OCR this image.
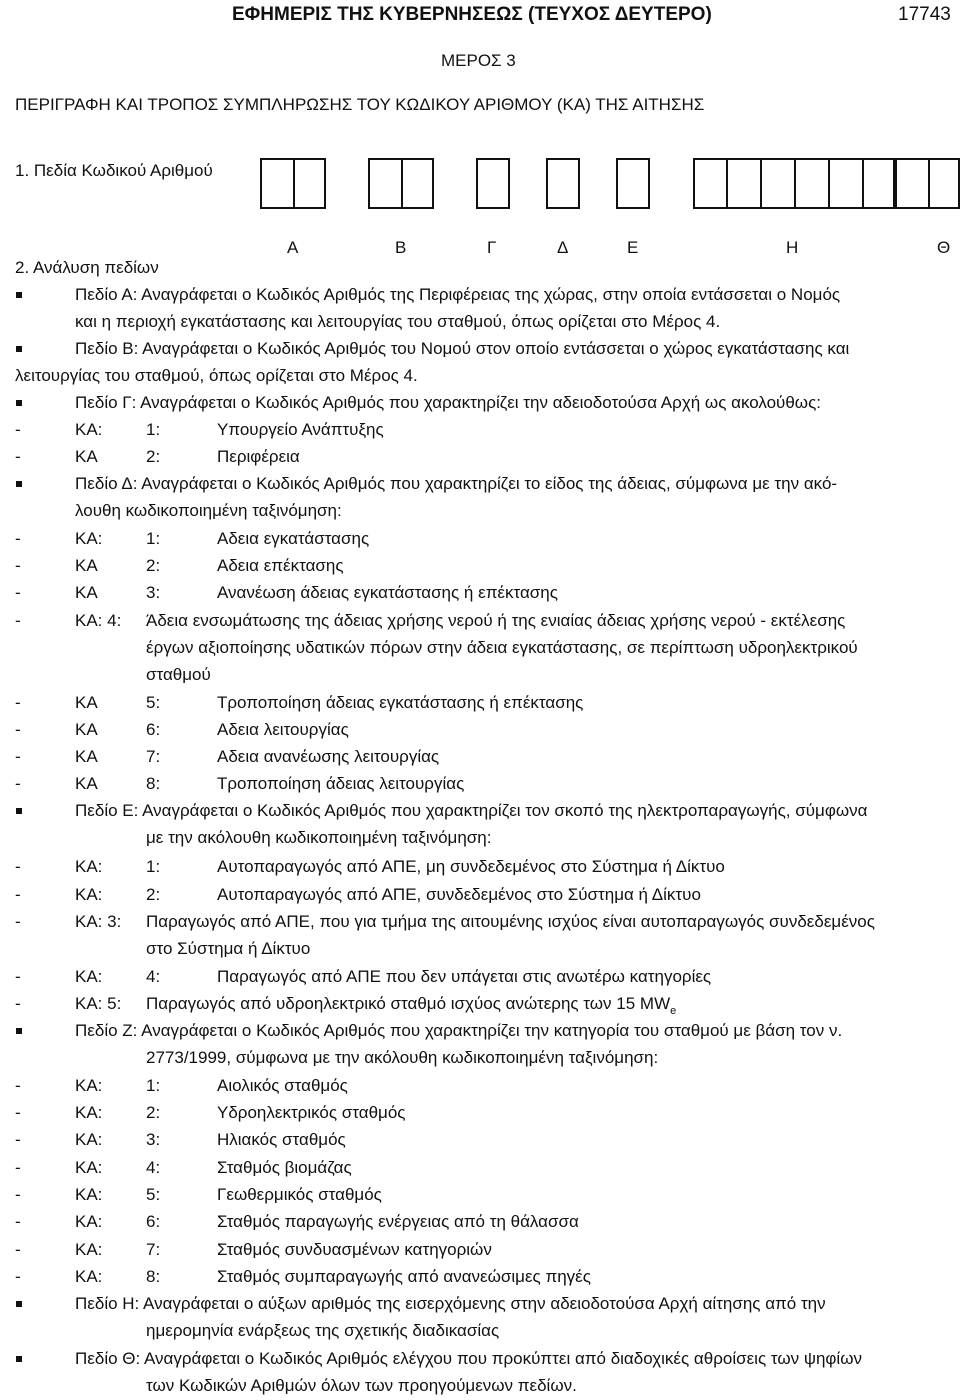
ΕΦΗΜΕΡΙΣ ΤΗΣ ΚΥΒΕΡΝΗΣΕΩΣ (ΤΕΥΧΟΣ ΔΕΥΤΕΡΟ)	17743
ΜΕΡΟΣ 3
ΠΕΡΙΓΡΑΦΗ ΚΑΙ ΤΡΟΠΟΣ ΣΥΜΠΛΗΡΩΣΗΣ ΤΟΥ ΚΩΔΙΚΟΥ ΑΡΙΘΜΟΥ (ΚΑ) ΤΗΣ ΑΙΤΗΣΗΣ
1. Πεδία Κωδικού Αριθμού
Α	Β	Γ	Δ	Ε	Η	Θ
2. Ανάλυση πεδίων
Πεδίο Α: Αναγράφεται ο Κωδικός Αριθμός της Περιφέρειας της χώρας, στην οποία εντάσσεται ο Νομός
και η περιοχή εγκατάστασης και λειτουργίας του σταθμού, όπως ορίζεται στο Μέρος 4.
Πεδίο Β: Αναγράφεται ο Κωδικός Αριθμός του Νομού στον οποίο εντάσσεται ο χώρος εγκατάστασης και
λειτουργίας του σταθμού, όπως ορίζεται στο Μέρος 4.
Πεδίο Γ: Αναγράφεται ο Κωδικός Αριθμός που χαρακτηρίζει την αδειοδοτούσα Αρχή ως ακολούθως:
-	ΚΑ:	1:	Υπουργείο Ανάπτυξης
-	ΚΑ	2:	Περιφέρεια
Πεδίο Δ: Αναγράφεται ο Κωδικός Αριθμός που χαρακτηρίζει το είδος της άδειας, σύμφωνα με την ακό-
λουθη κωδικοποιημένη ταξινόμηση:
-	ΚΑ:	1:	Αδεια εγκατάστασης
-	ΚΑ	2:	Αδεια επέκτασης
-	ΚΑ	3:	Ανανέωση άδειας εγκατάστασης ή επέκτασης
-	ΚΑ: 4: Άδεια ενσωμάτωσης της άδειας χρήσης νερού ή της ενιαίας άδειας χρήσης νερού - εκτέλεσης
έργων αξιοποίησης υδατικών πόρων στην άδεια εγκατάστασης, σε περίπτωση υδροηλεκτρικού
σταθμού
-	ΚΑ	5:	Τροποποίηση άδειας εγκατάστασης ή επέκτασης
-	ΚΑ	6:	Αδεια λειτουργίας
-	ΚΑ	7:	Αδεια ανανέωσης λειτουργίας
-	ΚΑ	8:	Τροποποίηση άδειας λειτουργίας
Πεδίο Ε: Αναγράφεται ο Κωδικός Αριθμός που χαρακτηρίζει τον σκοπό της ηλεκτροπαραγωγής, σύμφωνα
με την ακόλουθη κωδικοποιημένη ταξινόμηση:
-	ΚΑ:	1:	Αυτοπαραγωγός από ΑΠΕ, μη συνδεδεμένος στο Σύστημα ή Δίκτυο
-	ΚΑ:	2:	Αυτοπαραγωγός από ΑΠΕ, συνδεδεμένος στο Σύστημα ή Δίκτυο
-	ΚΑ: 3: Παραγωγός από ΑΠΕ, που για τμήμα της αιτουμένης ισχύος είναι αυτοπαραγωγός συνδεδεμένος
στο Σύστημα ή Δίκτυο
-	ΚΑ:	4:	Παραγωγός από ΑΠΕ που δεν υπάγεται στις ανωτέρω κατηγορίες
-	ΚΑ: 5: Παραγωγός από υδροηλεκτρικό σταθμό ισχύος ανώτερης των 15 $MW_e$
Πεδίο Ζ: Αναγράφεται ο Κωδικός Αριθμός που χαρακτηρίζει την κατηγορία του σταθμού με βάση τον ν.
2773/1999, σύμφωνα με την ακόλουθη κωδικοποιημένη ταξινόμηση:
-	ΚΑ:	1:	Αιολικός σταθμός
-	ΚΑ:	2:	Υδροηλεκτρικός σταθμός
-	ΚΑ:	3:	Ηλιακός σταθμός
-	ΚΑ:	4:	Σταθμός βιομάζας
-	ΚΑ:	5:	Γεωθερμικός σταθμός
-	ΚΑ:	6:	Σταθμός παραγωγής ενέργειας από τη θάλασσα
-	ΚΑ:	7:	Σταθμός συνδυασμένων κατηγοριών
-	ΚΑ:	8:	Σταθμός συμπαραγωγής από ανανεώσιμες πηγές
Πεδίο Η: Αναγράφεται ο αύξων αριθμός της εισερχόμενης στην αδειοδοτούσα Αρχή αίτησης από την
ημερομηνία ενάρξεως της σχετικής διαδικασίας
Πεδίο Θ: Αναγράφεται ο Κωδικός Αριθμός ελέγχου που προκύπτει από διαδοχικές αθροίσεις των ψηφίων
των Κωδικών Αριθμών όλων των προηγούμενων πεδίων.
